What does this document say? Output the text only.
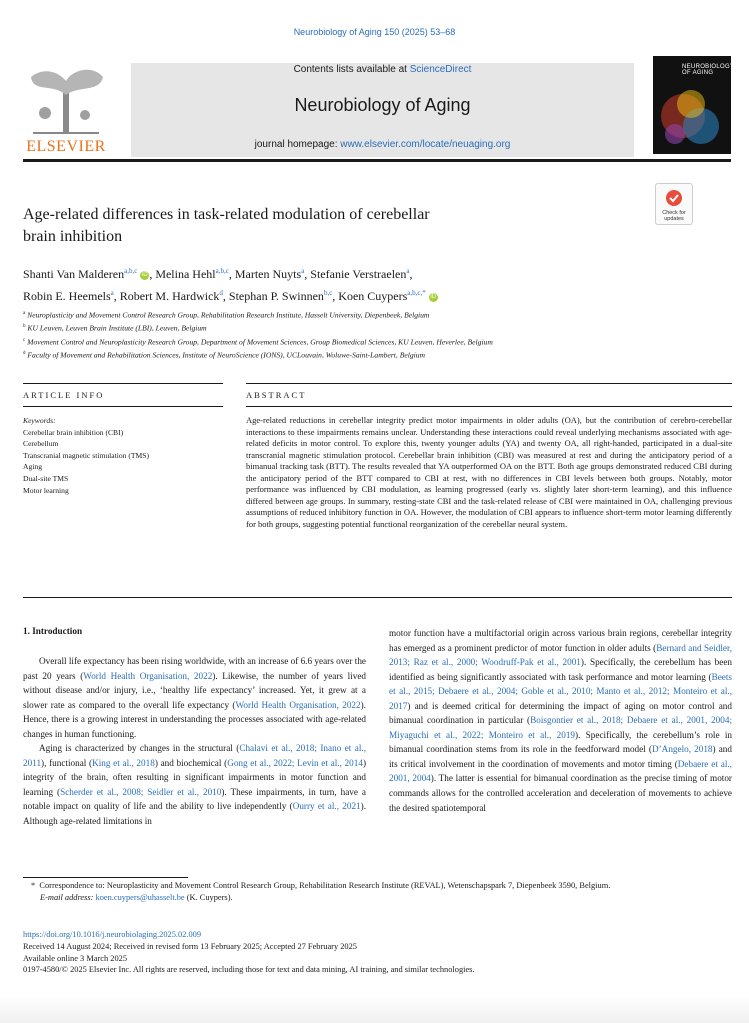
Neurobiology of Aging 150 (2025) 53–68
ELSEVIER
Contents lists available at ScienceDirect
Neurobiology of Aging
journal homepage: www.elsevier.com/locate/neuaging.org
NEUROBIOLOGY OF AGING
Check for updates
Age-related differences in task-related modulation of cerebellar
brain inhibition
Shanti Van Malderen$^{a,b,c}$ iD , Melina Hehl$^{a,b,c}$, Marten Nuyts$^a$, Stefanie Verstraelen$^a$,
Robin E. Heemels$^a$, Robert M. Hardwick$^d$, Stephan P. Swinnen$^{b,c}$, Koen Cuypers$^{a,b,c,*}$ iD
$^a$ Neuroplasticity and Movement Control Research Group, Rehabilitation Research Institute, Hasselt University, Diepenbeek, Belgium
$^b$ KU Leuven, Leuven Brain Institute (LBI), Leuven, Belgium
$^c$ Movement Control and Neuroplasticity Research Group, Department of Movement Sciences, Group Biomedical Sciences, KU Leuven, Heverlee, Belgium
$^d$ Faculty of Movement and Rehabilitation Sciences, Institute of NeuroScience (IONS), UCLouvain, Woluwe-Saint-Lambert, Belgium
ARTICLE INFO	ABSTRACT
Keywords:
Cerebellar brain inhibition (CBI)
Cerebellum
Transcranial magnetic stimulation (TMS)
Aging
Dual-site TMS
Motor learning
Age-related reductions in cerebellar integrity predict motor impairments in older adults (OA), but the contribution of cerebro-cerebellar interactions to these impairments remains unclear. Understanding these interactions could reveal underlying mechanisms associated with age-related deficits in motor control. To explore this, twenty younger adults (YA) and twenty OA, all right-handed, participated in a dual-site transcranial magnetic stimulation protocol. Cerebellar brain inhibition (CBI) was measured at rest and during the anticipatory period of a bimanual tracking task (BTT). The results revealed that YA outperformed OA on the BTT. Both age groups demonstrated reduced CBI during the anticipatory period of the BTT compared to CBI at rest, with no differences in CBI levels between both groups. Notably, motor performance was influenced by CBI modulation, as learning progressed (early vs. slightly later short-term learning), and this influence differed between age groups. In summary, resting-state CBI and the task-related release of CBI were maintained in OA, challenging previous assumptions of reduced inhibitory function in OA. However, the modulation of CBI appears to influence short-term motor learning differently for both groups, suggesting potential functional reorganization of the cerebellar neural system.
1. Introduction

Overall life expectancy has been rising worldwide, with an increase of 6.6 years over the past 20 years (World Health Organisation, 2022). Likewise, the number of years lived without disease and/or injury, i.e., ‘healthy life expectancy’ increased. Yet, it grew at a slower rate as compared to the overall life expectancy (World Health Organisation, 2022). Hence, there is a growing interest in understanding the processes associated with age-related changes in human functioning.

Aging is characterized by changes in the structural (Chalavi et al., 2018; Inano et al., 2011), functional (King et al., 2018) and biochemical (Gong et al., 2022; Levin et al., 2014) integrity of the brain, often resulting in significant impairments in motor function and learning (Scherder et al., 2008; Seidler et al., 2010). These impairments, in turn, have a notable impact on quality of life and the ability to live independently (Ourry et al., 2021). Although age-related limitations in

motor function have a multifactorial origin across various brain regions, cerebellar integrity has emerged as a prominent predictor of motor function in older adults (Bernard and Seidler, 2013; Raz et al., 2000; Woodruff-Pak et al., 2001). Specifically, the cerebellum has been identified as being significantly associated with task performance and motor learning (Beets et al., 2015; Debaere et al., 2004; Goble et al., 2010; Manto et al., 2012; Monteiro et al., 2017) and is deemed critical for determining the impact of aging on motor control and bimanual coordination in particular (Boisgontier et al., 2018; Debaere et al., 2001, 2004; Miyaguchi et al., 2022; Monteiro et al., 2019). Specifically, the cerebellum’s role in bimanual coordination stems from its role in the feedforward model (D’Angelo, 2018) and its critical involvement in the coordination of movements and motor timing (Debaere et al., 2001, 2004). The latter is essential for bimanual coordination as the precise timing of motor commands allows for the controlled acceleration and deceleration of movements to achieve the desired spatiotemporal

* Correspondence to: Neuroplasticity and Movement Control Research Group, Rehabilitation Research Institute (REVAL), Wetenschapspark 7, Diepenbeek 3590, Belgium.
E-mail address: koen.cuypers@uhasselt.be (K. Cuypers).
https://doi.org/10.1016/j.neurobiolaging.2025.02.009
Received 14 August 2024; Received in revised form 13 February 2025; Accepted 27 February 2025
Available online 3 March 2025
0197-4580/© 2025 Elsevier Inc. All rights are reserved, including those for text and data mining, AI training, and similar technologies.
